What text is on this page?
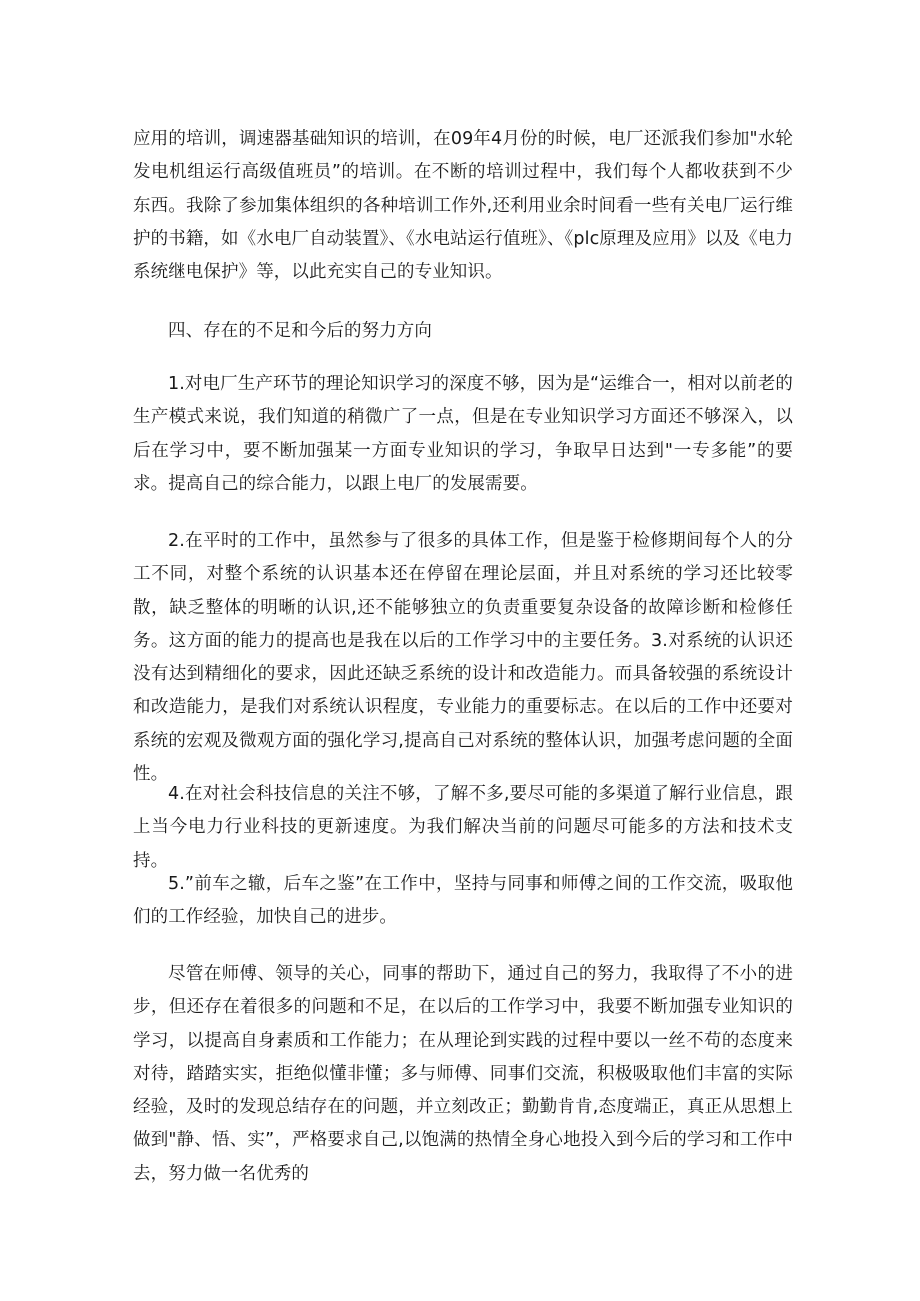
应用的培训，调速器基础知识的培训，在09年4月份的时候，电厂还派我们参加"水轮发电机组运行高级值班员”的培训。在不断的培训过程中，我们每个人都收获到不少东西。我除了参加集体组织的各种培训工作外,还利用业余时间看一些有关电厂运行维护的书籍，如《水电厂自动装置》、《水电站运行值班》、《plc原理及应用》以及《电力系统继电保护》等，以此充实自己的专业知识。

四、存在的不足和今后的努力方向

1.对电厂生产环节的理论知识学习的深度不够，因为是“运维合一，相对以前老的生产模式来说，我们知道的稍微广了一点，但是在专业知识学习方面还不够深入，以后在学习中，要不断加强某一方面专业知识的学习，争取早日达到"一专多能”的要求。提高自己的综合能力，以跟上电厂的发展需要。

2.在平时的工作中，虽然参与了很多的具体工作，但是鉴于检修期间每个人的分工不同，对整个系统的认识基本还在停留在理论层面，并且对系统的学习还比较零散，缺乏整体的明晰的认识,还不能够独立的负责重要复杂设备的故障诊断和检修任务。这方面的能力的提高也是我在以后的工作学习中的主要任务。3.对系统的认识还没有达到精细化的要求，因此还缺乏系统的设计和改造能力。而具备较强的系统设计和改造能力，是我们对系统认识程度，专业能力的重要标志。在以后的工作中还要对系统的宏观及微观方面的强化学习,提高自己对系统的整体认识，加强考虑问题的全面性。

4.在对社会科技信息的关注不够，了解不多,要尽可能的多渠道了解行业信息，跟上当今电力行业科技的更新速度。为我们解决当前的问题尽可能多的方法和技术支持。

5.”前车之辙，后车之鉴”在工作中，坚持与同事和师傅之间的工作交流，吸取他们的工作经验，加快自己的进步。

尽管在师傅、领导的关心，同事的帮助下，通过自己的努力，我取得了不小的进步，但还存在着很多的问题和不足，在以后的工作学习中，我要不断加强专业知识的学习，以提高自身素质和工作能力；在从理论到实践的过程中要以一丝不苟的态度来对待，踏踏实实，拒绝似懂非懂；多与师傅、同事们交流，积极吸取他们丰富的实际经验，及时的发现总结存在的问题，并立刻改正；勤勤肯肯,态度端正，真正从思想上做到"静、悟、实”，严格要求自己,以饱满的热情全身心地投入到今后的学习和工作中去，努力做一名优秀的
